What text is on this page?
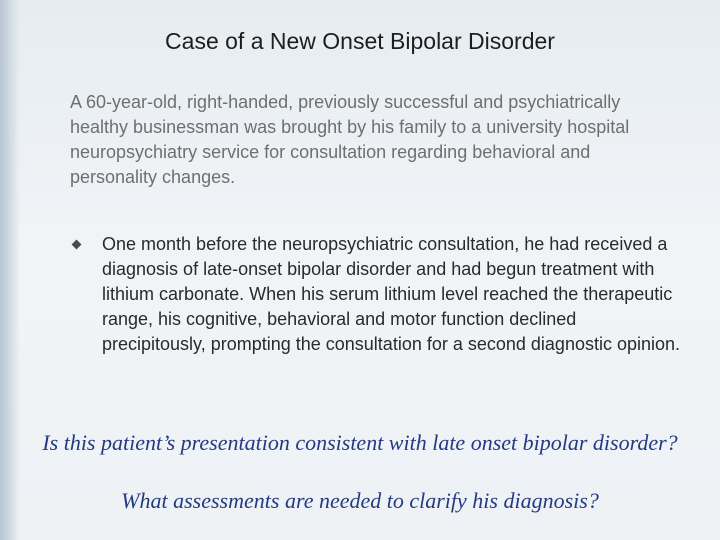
Case of a New Onset Bipolar Disorder

A 60-year-old, right-handed, previously successful and psychiatrically healthy businessman was brought by his family to a university hospital neuropsychiatry service for consultation regarding behavioral and personality changes.

One month before the neuropsychiatric consultation, he had received a diagnosis of late-onset bipolar disorder and had begun treatment with lithium carbonate. When his serum lithium level reached the therapeutic range, his cognitive, behavioral and motor function declined precipitously, prompting the consultation for a second diagnostic opinion.

Is this patient’s presentation consistent with late onset bipolar disorder?

What assessments are needed to clarify his diagnosis?
